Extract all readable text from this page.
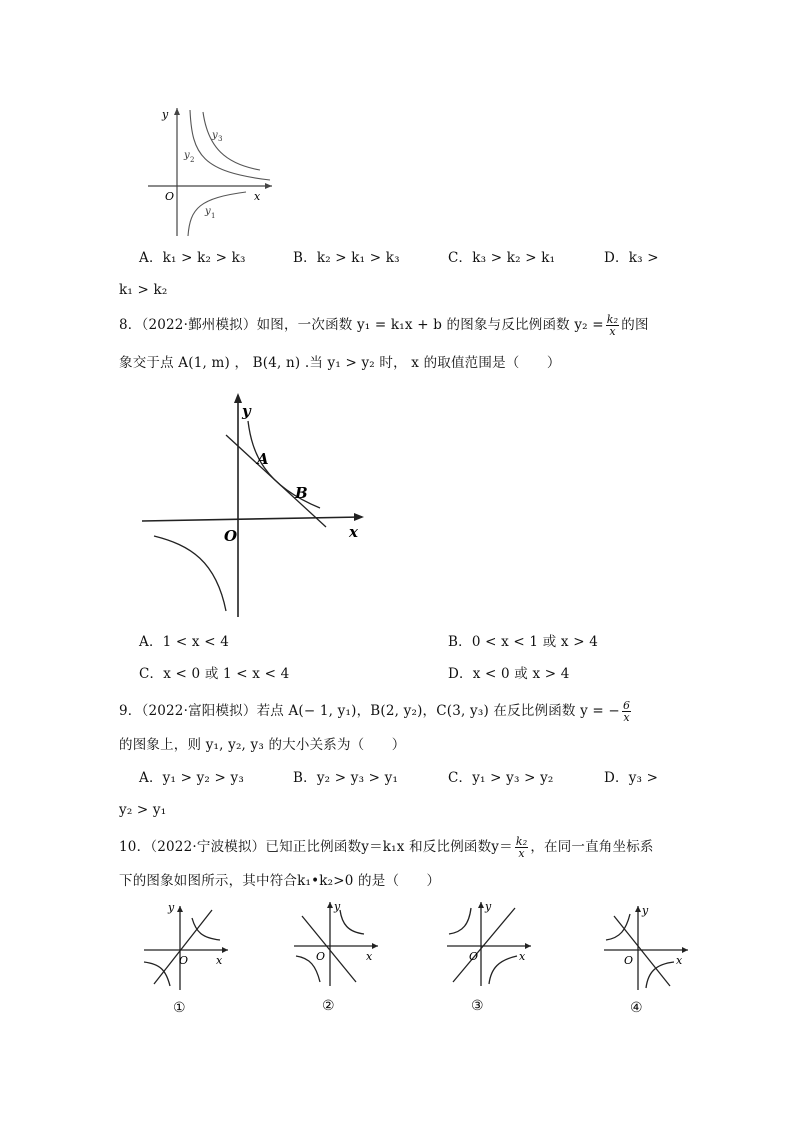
y
x
O
y 3
y 2
y 1
A．k₁ > k₂ > k₃	B．k₂ > k₁ > k₃	C．k₃ > k₂ > k₁	D．k₃ >
k₁ > k₂
8．（2022·鄞州模拟）如图，一次函数 y₁ = k₁x + b 的图象与反比例函数 $y_2 = \frac{\text{k₂}}{x}$ 的图
象交于点 A(1, m) ， B(4, n) .当 y₁ > y₂ 时， x 的取值范围是（　　）
y
x
O
A
B
A．1 < x < 4	B．0 < x < 1 或 x > 4
C．x < 0 或 1 < x < 4	D．x < 0 或 x > 4
9．（2022·富阳模拟）若点 A(− 1, y₁)，B(2, y₂)，C(3, y₃) 在反比例函数 y = − $\frac{6}{x}$
的图象上，则 y₁, y₂, y₃ 的大小关系为（　　）
A．y₁ > y₂ > y₃	B．y₂ > y₃ > y₁	C．y₁ > y₃ > y₂	D．y₃ >
y₂ > y₁
10．（2022·宁波模拟）已知正比例函数y＝k₁x 和反比例函数$y= \frac{\text{k₂}}{x}$ ，在同一直角坐标系
下的图象如图所示，其中符合k₁•k₂>0 的是（　　）
y
x
O
①
y
x
O
②
y
x
O
③
y
x
O
④
